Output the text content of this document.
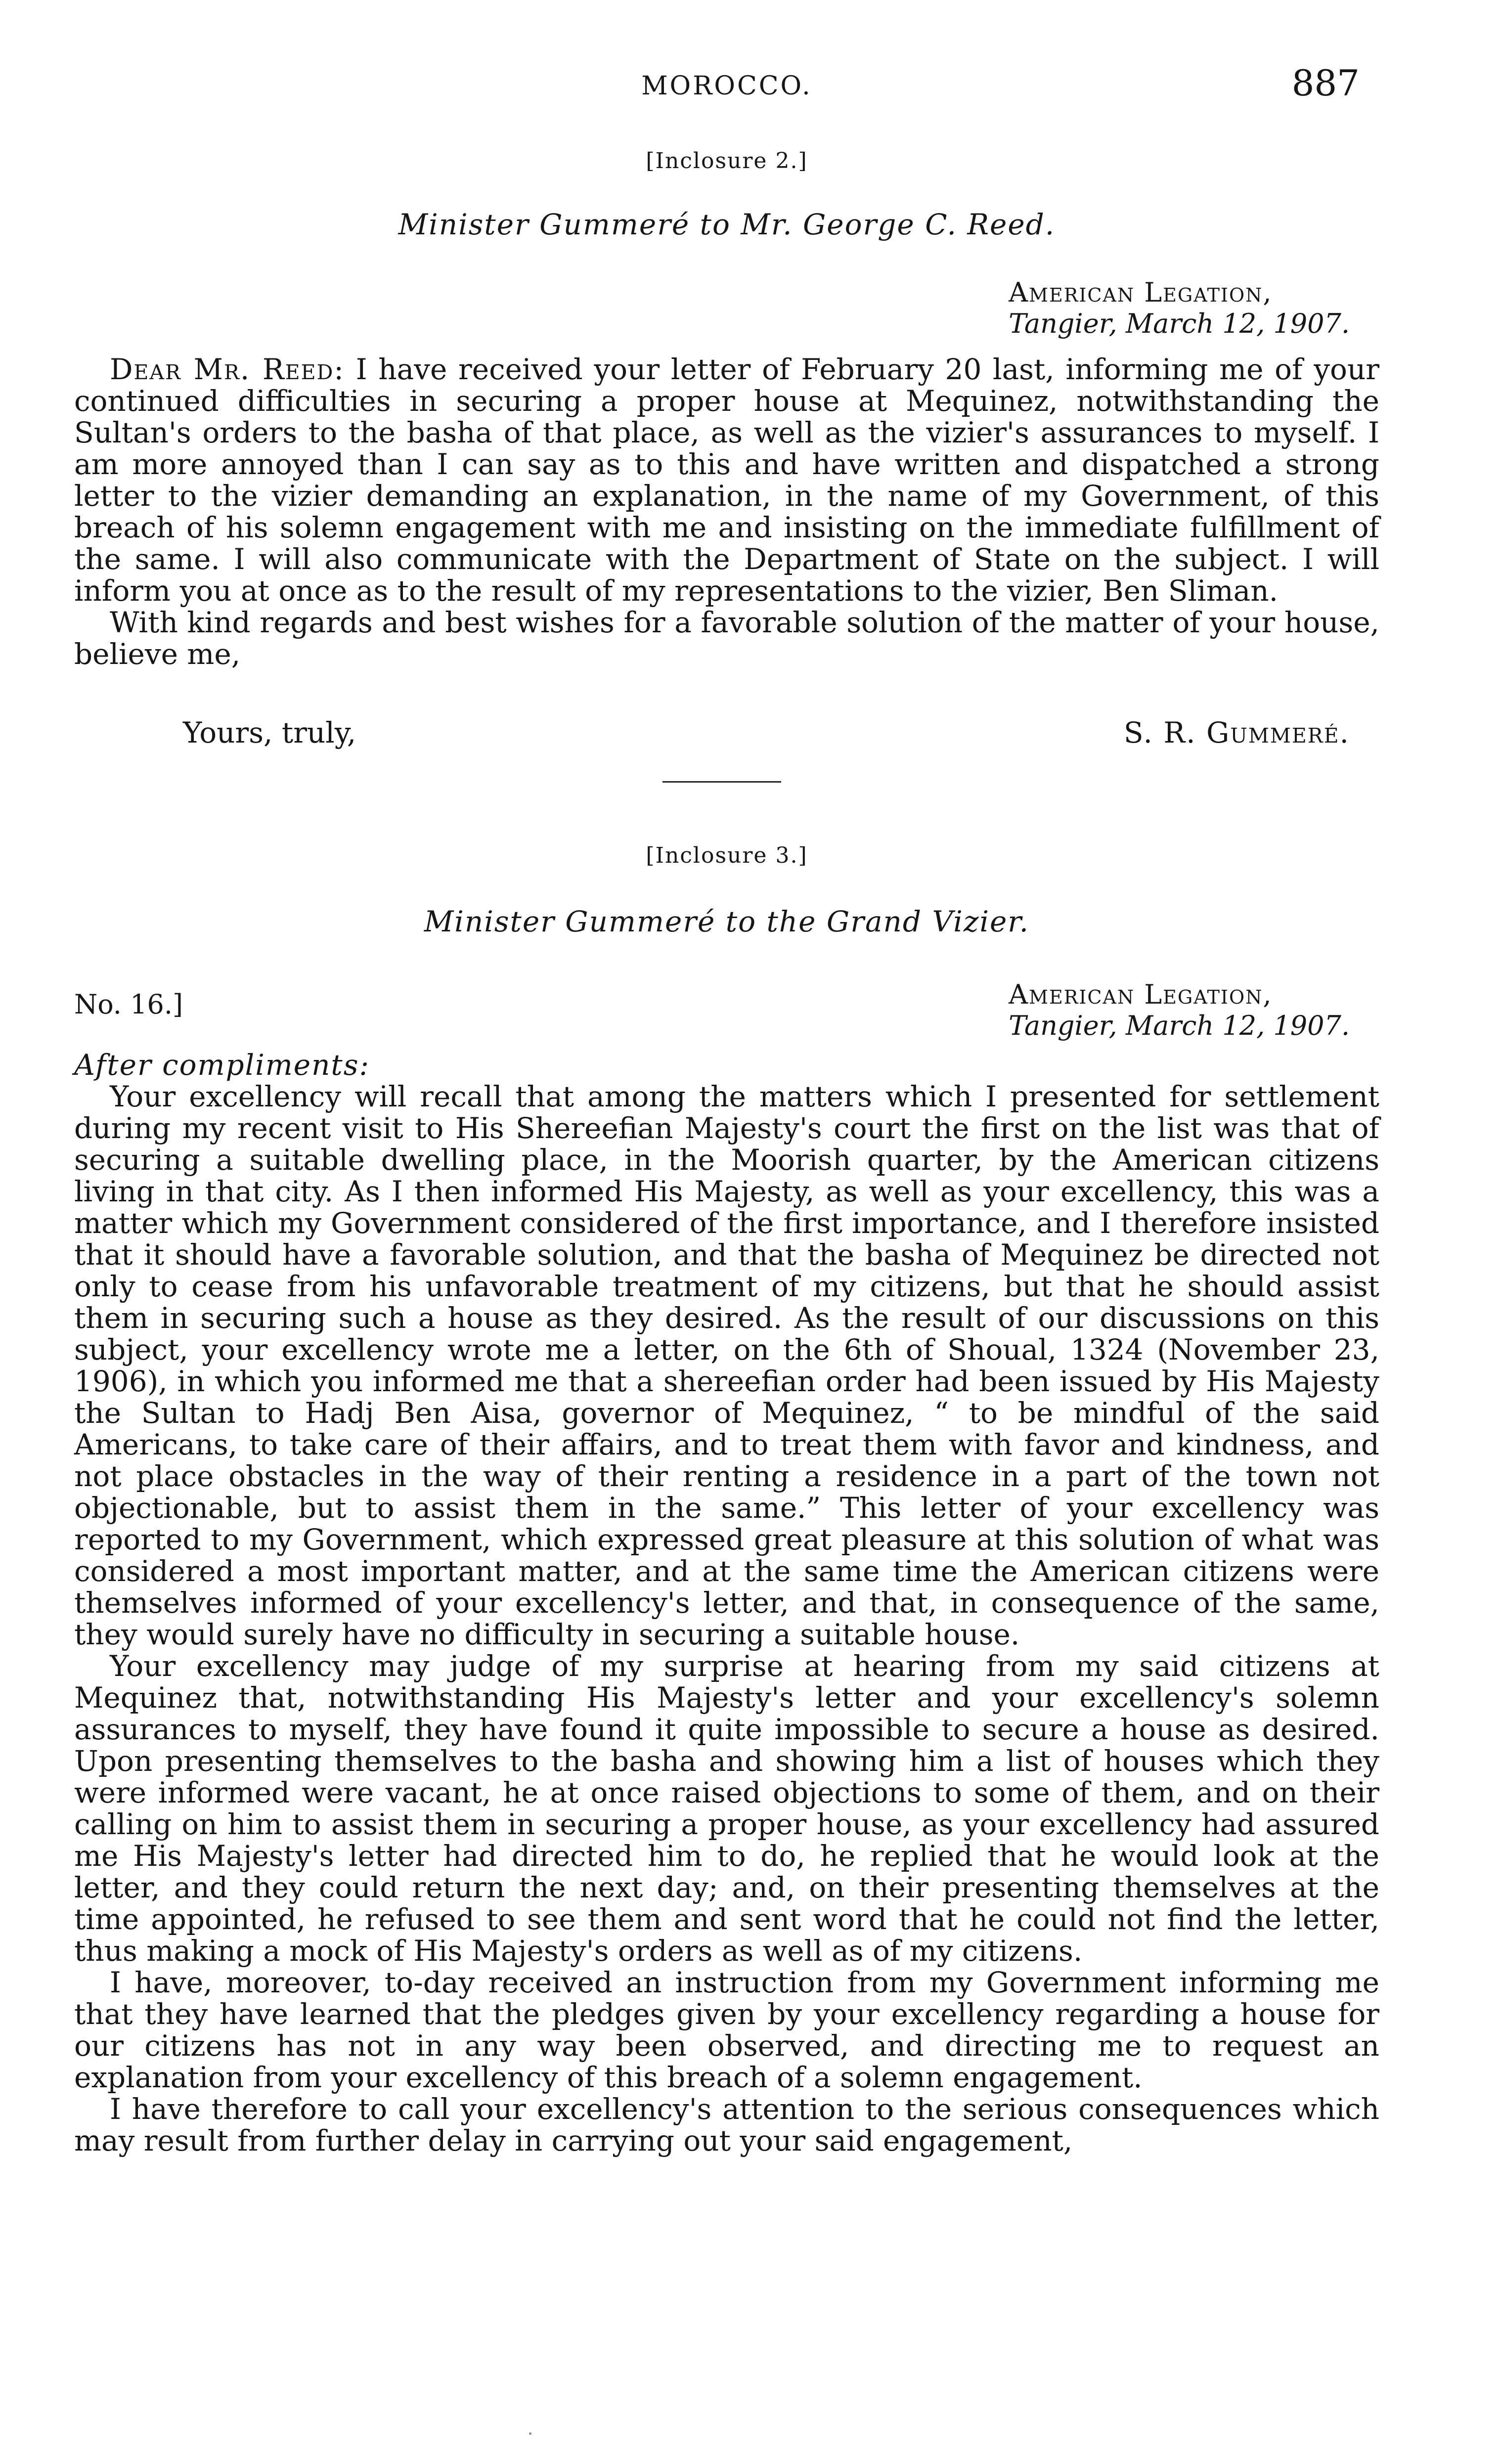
MOROCCO.	887
[Inclosure 2.]
Minister Gummeré to Mr. George C. Reed.
American Legation,
Tangier, March 12, 1907.

Dear Mr. Reed: I have received your letter of February 20 last, informing me of your continued difficulties in securing a proper house at Mequinez, notwithstanding the Sultan's orders to the basha of that place, as well as the vizier's assurances to myself. I am more annoyed than I can say as to this and have written and dispatched a strong letter to the vizier demanding an explanation, in the name of my Government, of this breach of his solemn engagement with me and insisting on the immediate fulfillment of the same. I will also communicate with the Department of State on the subject. I will inform you at once as to the result of my representations to the vizier, Ben Sliman.

With kind regards and best wishes for a favorable solution of the matter of your house, believe me,

Yours, truly,	S. R. Gummeré.
[Inclosure 3.]
Minister Gummeré to the Grand Vizier.
No. 16.]	American Legation,
Tangier, March 12, 1907.
After compliments:

Your excellency will recall that among the matters which I presented for settlement during my recent visit to His Shereefian Majesty's court the first on the list was that of securing a suitable dwelling place, in the Moorish quarter, by the American citizens living in that city. As I then informed His Majesty, as well as your excellency, this was a matter which my Government considered of the first importance, and I therefore insisted that it should have a favorable solution, and that the basha of Mequinez be directed not only to cease from his unfavorable treatment of my citizens, but that he should assist them in securing such a house as they desired. As the result of our discussions on this subject, your excellency wrote me a letter, on the 6th of Shoual, 1324 (November 23, 1906), in which you informed me that a shereefian order had been issued by His Majesty the Sultan to Hadj Ben Aisa, governor of Mequinez, “ to be mindful of the said Americans, to take care of their affairs, and to treat them with favor and kindness, and not place obstacles in the way of their renting a residence in a part of the town not objectionable, but to assist them in the same.” This letter of your excellency was reported to my Government, which expressed great pleasure at this solution of what was considered a most important matter, and at the same time the American citizens were themselves informed of your excellency's letter, and that, in consequence of the same, they would surely have no difficulty in securing a suitable house.

Your excellency may judge of my surprise at hearing from my said citizens at Mequinez that, notwithstanding His Majesty's letter and your excellency's solemn assurances to myself, they have found it quite impossible to secure a house as desired. Upon presenting themselves to the basha and showing him a list of houses which they were informed were vacant, he at once raised objections to some of them, and on their calling on him to assist them in securing a proper house, as your excellency had assured me His Majesty's letter had directed him to do, he replied that he would look at the letter, and they could return the next day; and, on their presenting themselves at the time appointed, he refused to see them and sent word that he could not find the letter, thus making a mock of His Majesty's orders as well as of my citizens.

I have, moreover, to-day received an instruction from my Government informing me that they have learned that the pledges given by your excellency regarding a house for our citizens has not in any way been observed, and directing me to request an explanation from your excellency of this breach of a solemn engagement.

I have therefore to call your excellency's attention to the serious consequences which may result from further delay in carrying out your said engagement,
